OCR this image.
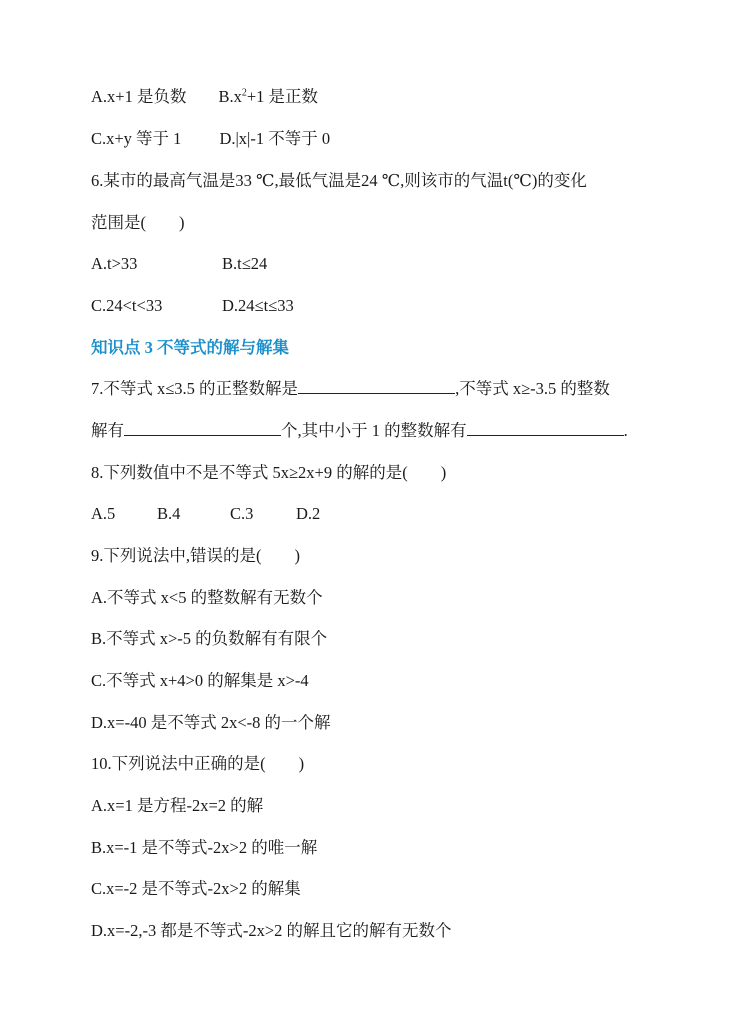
A.x+1 是负数 $B.x^2+1$ 是正数
C.x+y 等于 1 D.|x|-1 不等于 0
6.某市的最高气温是33 ℃,最低气温是24 ℃,则该市的气温t(℃)的变化
范围是(　　)
A.t>33	B.t≤24
C.24<t<33	D.24≤t≤33
知识点 3 不等式的解与解集
7.不等式 x≤3.5 的正整数解是	,不等式 x≥-3.5 的整数
解有	个,其中小于 1 的整数解有	.
8.下列数值中不是不等式 5x≥2x+9 的解的是(　　)
A.5	B.4	C.3	D.2
9.下列说法中,错误的是(　　)
A.不等式 x<5 的整数解有无数个
B.不等式 x>-5 的负数解有有限个
C.不等式 x+4>0 的解集是 x>-4
D.x=-40 是不等式 2x<-8 的一个解
10.下列说法中正确的是(　　)
A.x=1 是方程-2x=2 的解
B.x=-1 是不等式-2x>2 的唯一解
C.x=-2 是不等式-2x>2 的解集
D.x=-2,-3 都是不等式-2x>2 的解且它的解有无数个
